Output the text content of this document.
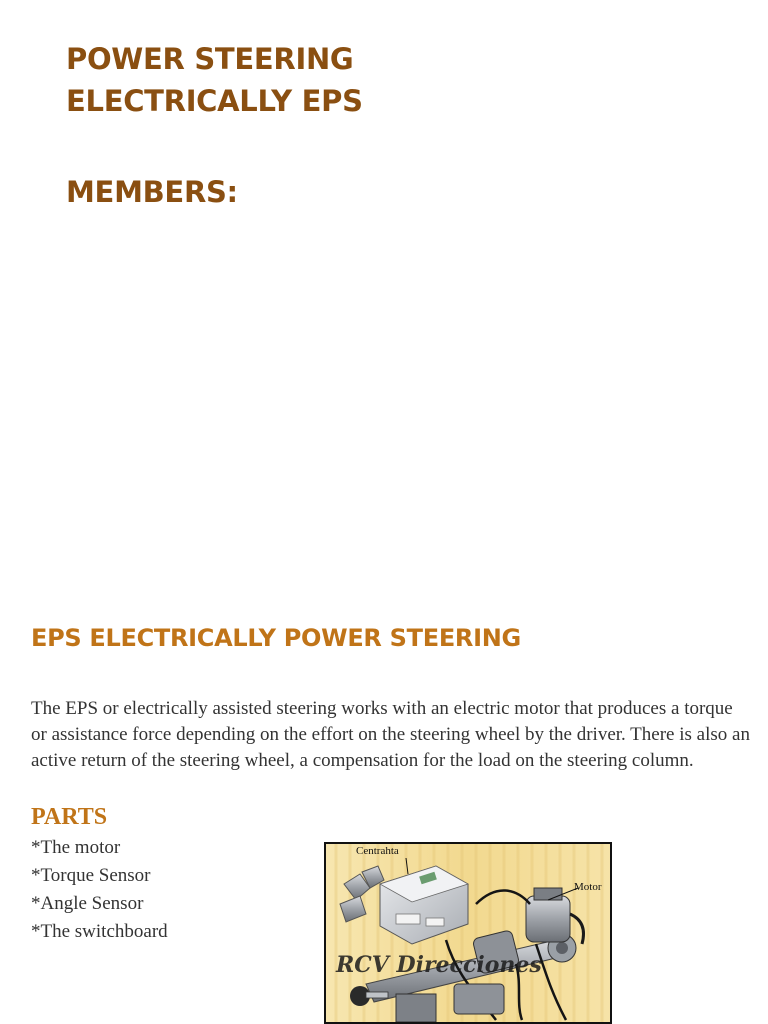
POWER STEERING
ELECTRICALLY EPS
MEMBERS:
EPS ELECTRICALLY POWER STEERING

The EPS or electrically assisted steering works with an electric motor that produces a torque or assistance force depending on the effort on the steering wheel by the driver. There is also an active return of the steering wheel, a compensation for the load on the steering column.

PARTS
*The motor
*Torque Sensor
*Angle Sensor
*The switchboard
Centrahta
Motor
RCV Direcciones
